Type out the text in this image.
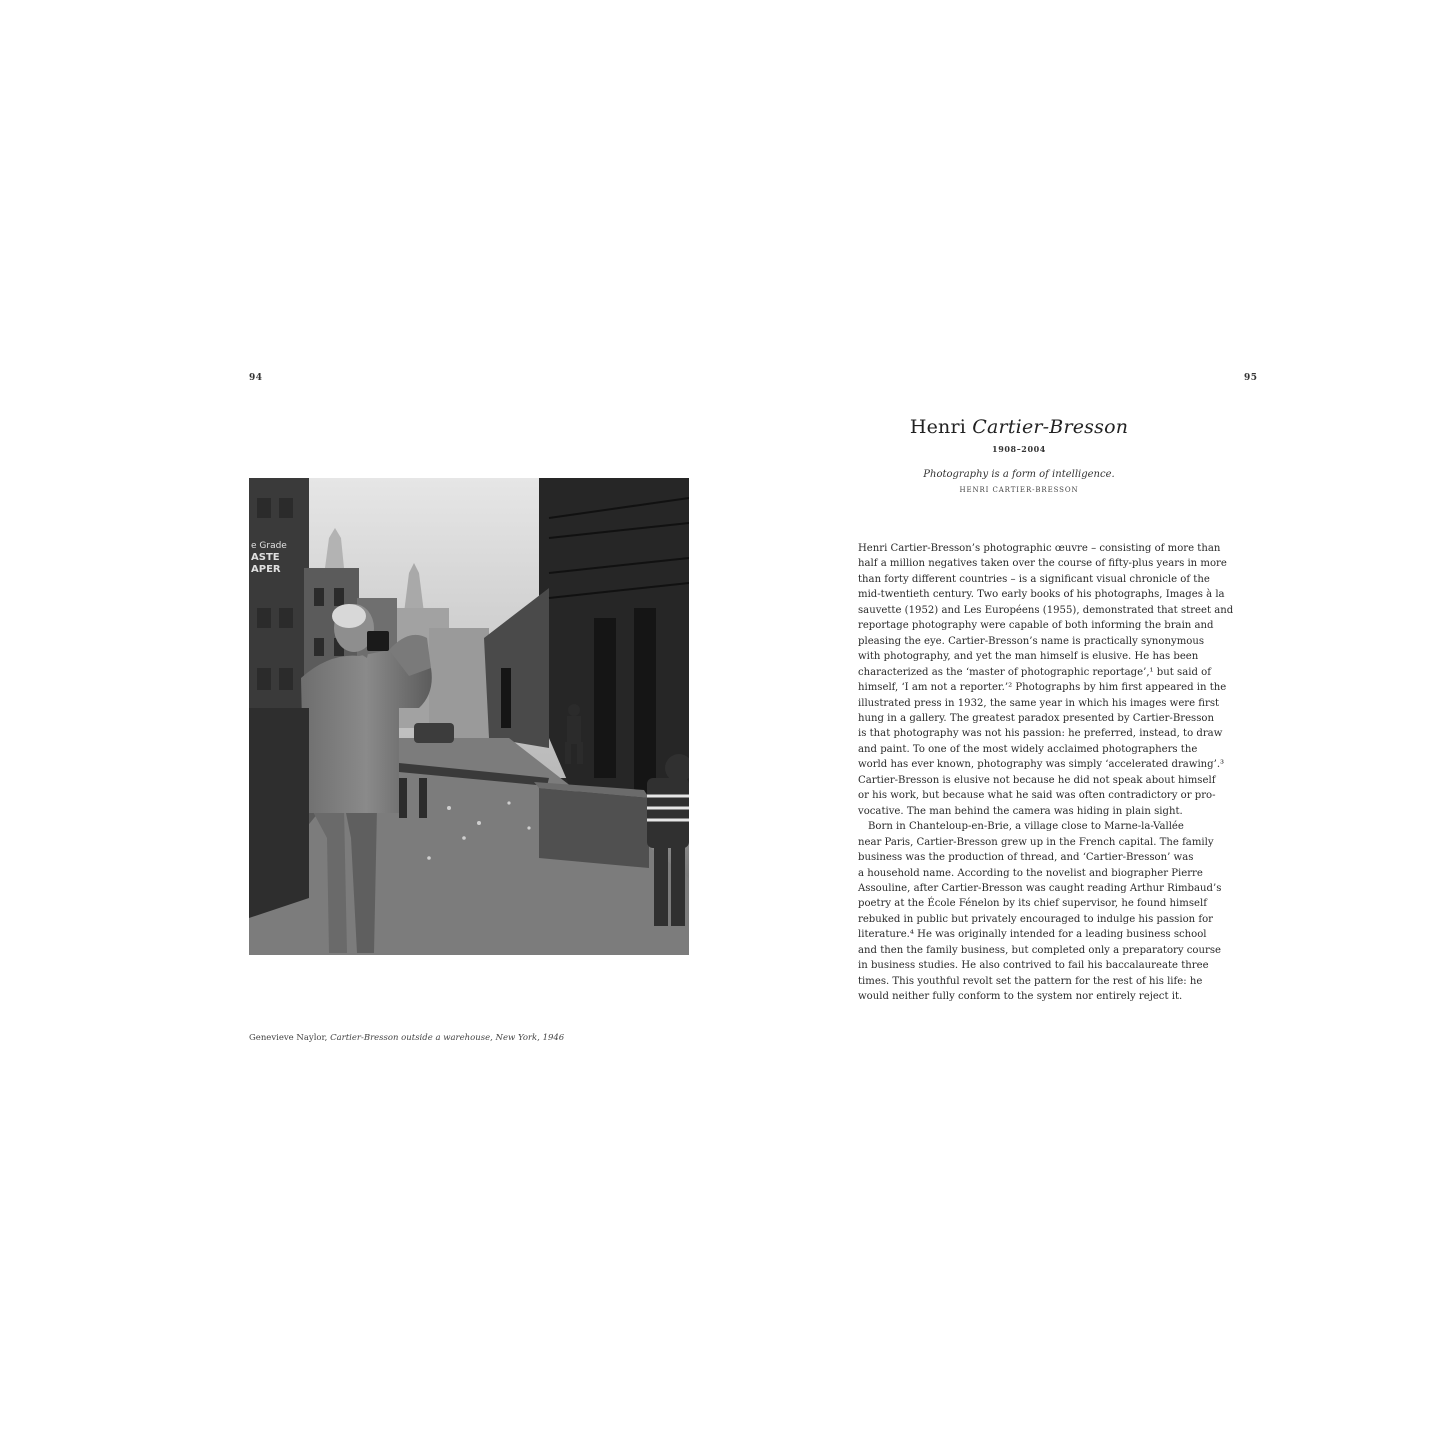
94	95
e Grade
ASTE
APER
Genevieve Naylor, Cartier-Bresson outside a warehouse, New York, 1946
Henri Cartier-Bresson
1908–2004
Photography is a form of intelligence.
HENRI CARTIER-BRESSON
Henri Cartier-Bresson’s photographic œuvre – consisting of more than
half a million negatives taken over the course of fifty-plus years in more
than forty different countries – is a significant visual chronicle of the
mid-twentieth century. Two early books of his photographs, Images à la
sauvette (1952) and Les Européens (1955), demonstrated that street and
reportage photography were capable of both informing the brain and
pleasing the eye. Cartier-Bresson’s name is practically synonymous
with photography, and yet the man himself is elusive. He has been
characterized as the ‘master of photographic reportage’,¹ but said of
himself, ‘I am not a reporter.’² Photographs by him first appeared in the
illustrated press in 1932, the same year in which his images were first
hung in a gallery. The greatest paradox presented by Cartier-Bresson
is that photography was not his passion: he preferred, instead, to draw
and paint. To one of the most widely acclaimed photographers the
world has ever known, photography was simply ‘accelerated drawing’.³
Cartier-Bresson is elusive not because he did not speak about himself
or his work, but because what he said was often contradictory or pro-
vocative. The man behind the camera was hiding in plain sight.
Born in Chanteloup-en-Brie, a village close to Marne-la-Vallée
near Paris, Cartier-Bresson grew up in the French capital. The family
business was the production of thread, and ‘Cartier-Bresson’ was
a household name. According to the novelist and biographer Pierre
Assouline, after Cartier-Bresson was caught reading Arthur Rimbaud’s
poetry at the École Fénelon by its chief supervisor, he found himself
rebuked in public but privately encouraged to indulge his passion for
literature.⁴ He was originally intended for a leading business school
and then the family business, but completed only a preparatory course
in business studies. He also contrived to fail his baccalaureate three
times. This youthful revolt set the pattern for the rest of his life: he
would neither fully conform to the system nor entirely reject it.
